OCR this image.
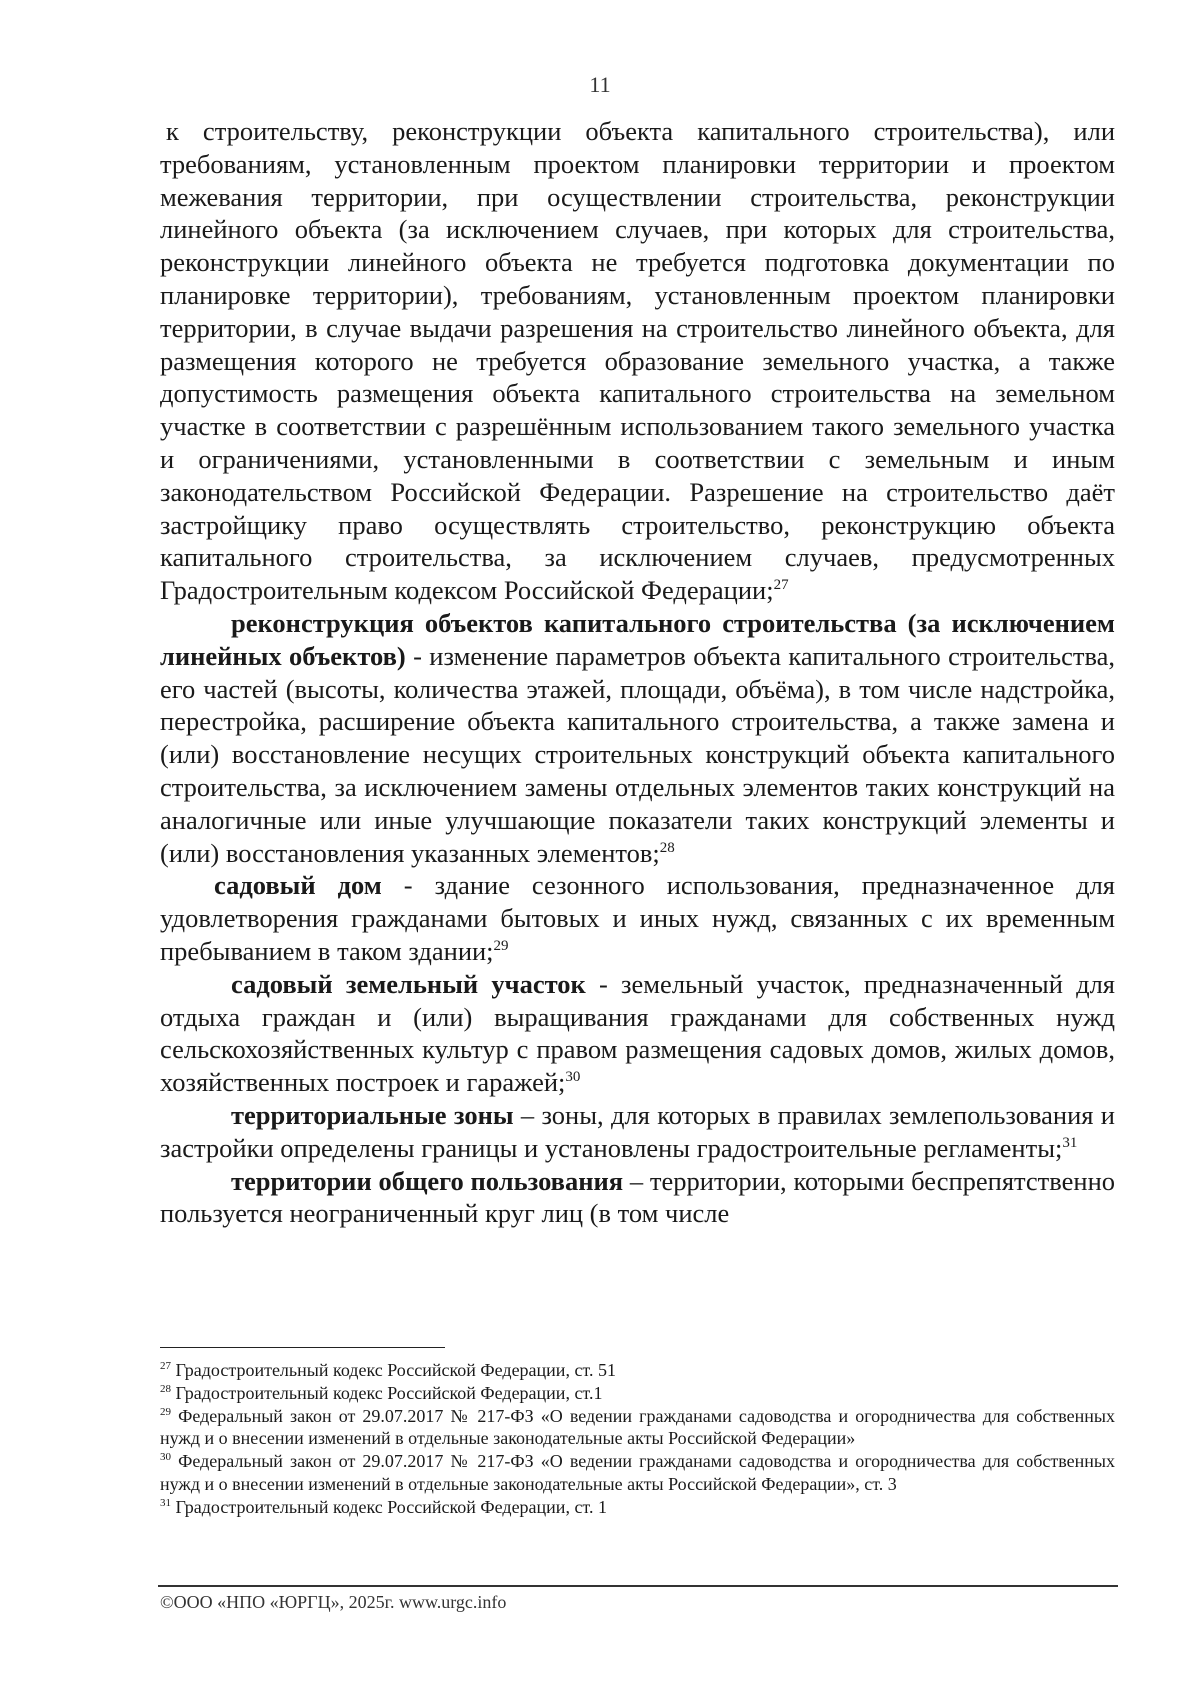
11

к строительству, реконструкции объекта капитального строительства), или требованиям, установленным проектом планировки территории и проектом межевания территории, при осуществлении строительства, реконструкции линейного объекта (за исключением случаев, при которых для строительства, реконструкции линейного объекта не требуется подготовка документации по планировке территории), требованиям, установленным проектом планировки территории, в случае выдачи разрешения на строительство линейного объекта, для размещения которого не требуется образование земельного участка, а также допустимость размещения объекта капитального строительства на земельном участке в соответствии с разрешённым использованием такого земельного участка и ограничениями, установленными в соответствии с земельным и иным законодательством Российской Федерации. Разрешение на строительство даёт застройщику право осуществлять строительство, реконструкцию объекта капитального строительства, за исключением случаев, предусмотренных Градостроительным кодексом Российской Федерации;$^{27}$

реконструкция объектов капитального строительства (за исключением линейных объектов) - изменение параметров объекта капитального строительства, его частей (высоты, количества этажей, площади, объёма), в том числе надстройка, перестройка, расширение объекта капитального строительства, а также замена и (или) восстановление несущих строительных конструкций объекта капитального строительства, за исключением замены отдельных элементов таких конструкций на аналогичные или иные улучшающие показатели таких конструкций элементы и (или) восстановления указанных элементов;$^{28}$

садовый дом - здание сезонного использования, предназначенное для удовлетворения гражданами бытовых и иных нужд, связанных с их временным пребыванием в таком здании;$^{29}$

садовый земельный участок - земельный участок, предназначенный для отдыха граждан и (или) выращивания гражданами для собственных нужд сельскохозяйственных культур с правом размещения садовых домов, жилых домов, хозяйственных построек и гаражей;$^{30}$

территориальные зоны – зоны, для которых в правилах землепользования и застройки определены границы и установлены градостроительные регламенты;$^{31}$

территории общего пользования – территории, которыми беспрепятственно пользуется неограниченный круг лиц (в том числе

$^{27}$ Градостроительный кодекс Российской Федерации, ст. 51

$^{28}$ Градостроительный кодекс Российской Федерации, ст.1

$^{29}$ Федеральный закон от 29.07.2017 № 217-ФЗ «О ведении гражданами садоводства и огородничества для собственных нужд и о внесении изменений в отдельные законодательные акты Российской Федерации»

$^{30}$ Федеральный закон от 29.07.2017 № 217-ФЗ «О ведении гражданами садоводства и огородничества для собственных нужд и о внесении изменений в отдельные законодательные акты Российской Федерации», ст. 3

$^{31}$ Градостроительный кодекс Российской Федерации, ст. 1

©ООО «НПО «ЮРГЦ», 2025г. www.urgc.info
